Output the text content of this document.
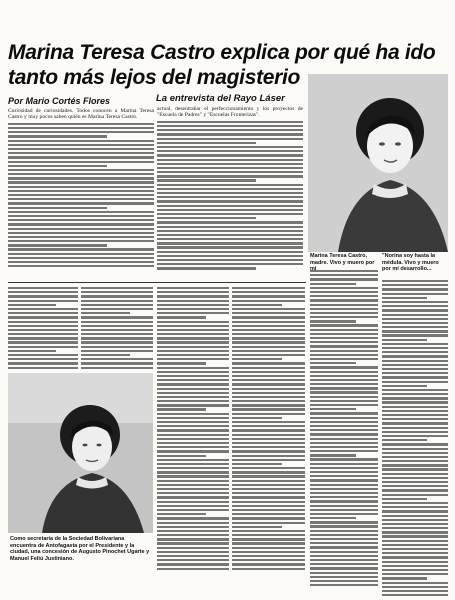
Marina Teresa Castro explica por qué ha ido tanto más lejos del magisterio
Por Mario Cortés Flores	La entrevista del Rayo Láser

Curiosidad de curiosidades. Todos conocen a Marina Teresa Castro y muy pocos saben quién es Marina Teresa Castro.

actual, desentrañar el perfeccionamiento y los proyectos de "Escuela de Padres" y "Escuelas Fronterizas".

Marina Teresa Castro, madre. Vivo y muero por
"Norina soy hasta la médula. Vivo y muero por mi desarrollo...
Como secretaria de la Sociedad Bolivariana encuentra de Antofagasta por el Presidente y la ciudad, una concesión de Augusto Pinochet Ugarte y Manuel Feliú Justiniano.
